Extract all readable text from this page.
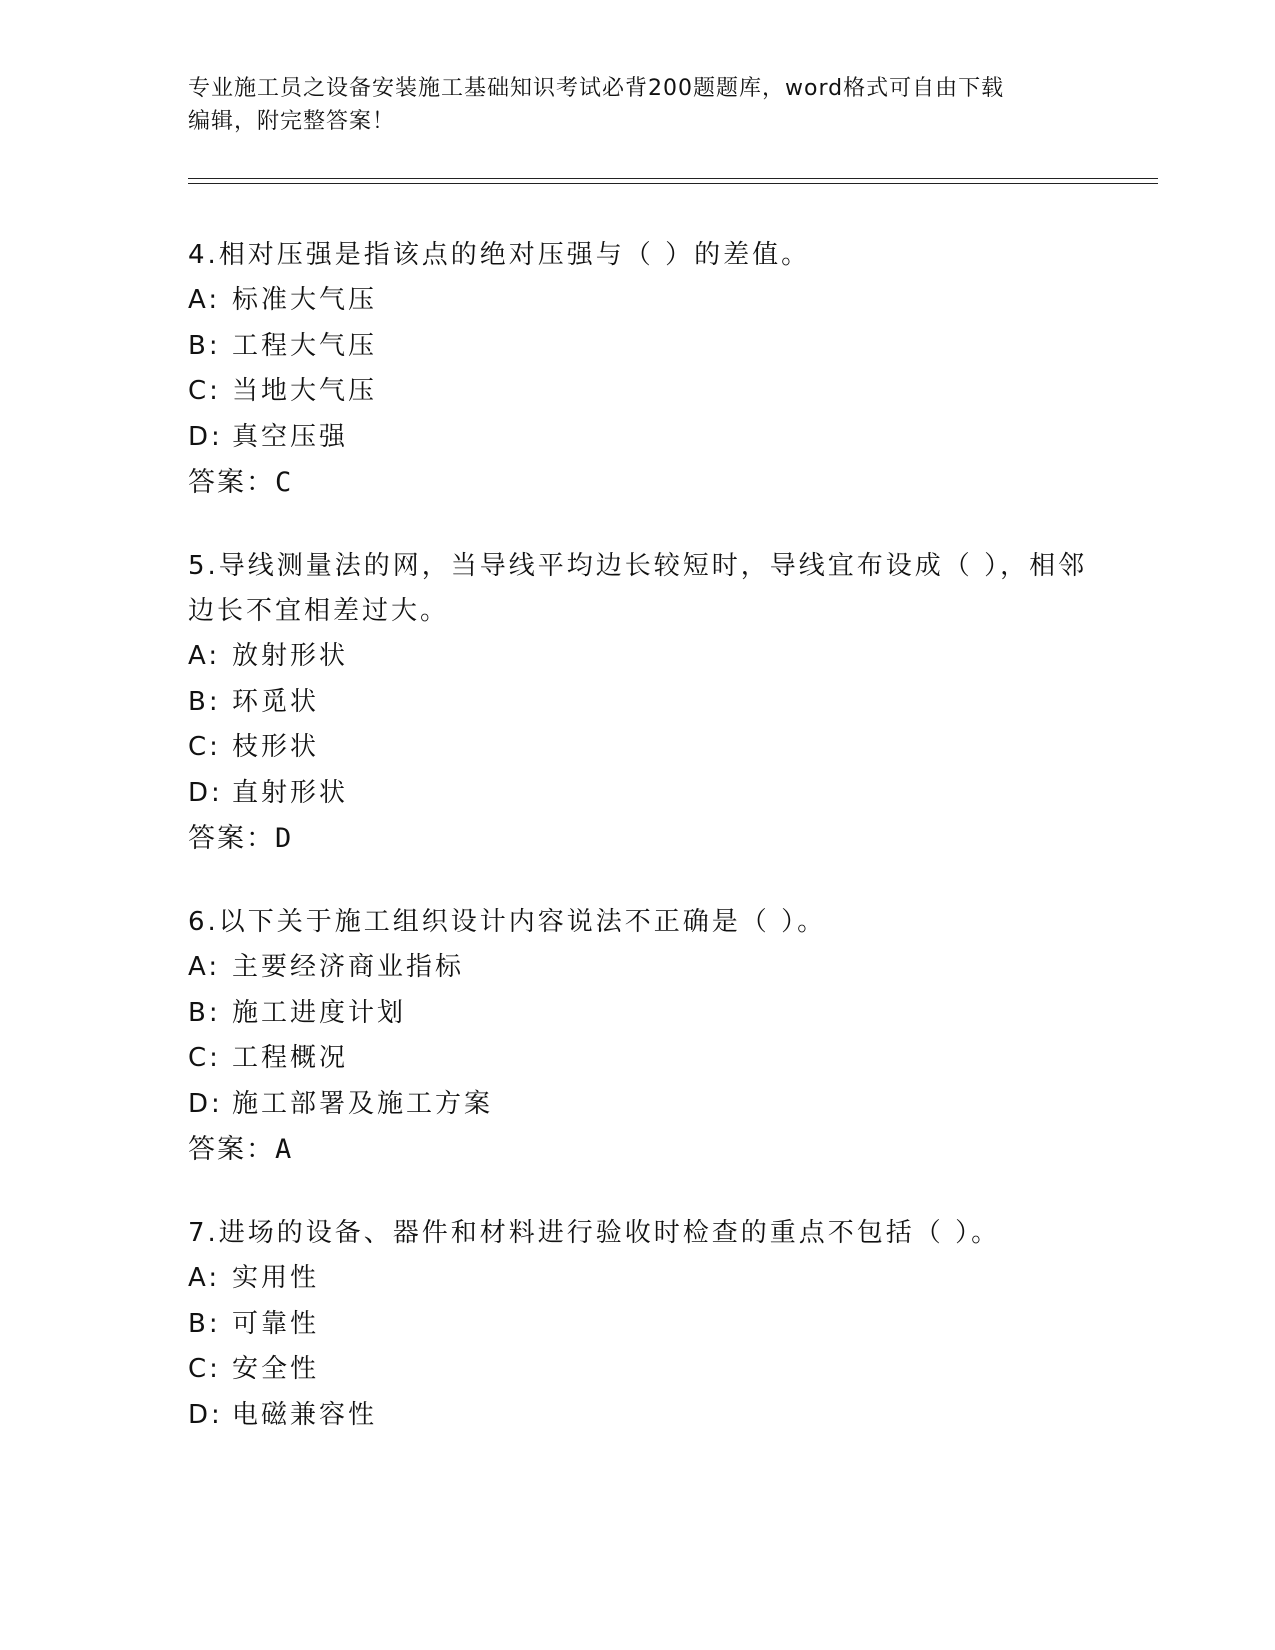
专业施工员之设备安装施工基础知识考试必背200题题库，word格式可自由下载
编辑，附完整答案！
4.相对压强是指该点的绝对压强与（ ）的差值。
A: 标准大气压
B: 工程大气压
C: 当地大气压
D: 真空压强
答案：C
5.导线测量法的网，当导线平均边长较短时，导线宜布设成（ ），相邻边长不宜相差过大。
A: 放射形状
B: 环觅状
C: 枝形状
D: 直射形状
答案：D
6.以下关于施工组织设计内容说法不正确是（ ）。
A: 主要经济商业指标
B: 施工进度计划
C: 工程概况
D: 施工部署及施工方案
答案：A
7.进场的设备、器件和材料进行验收时检查的重点不包括（ ）。
A: 实用性
B: 可靠性
C: 安全性
D: 电磁兼容性
